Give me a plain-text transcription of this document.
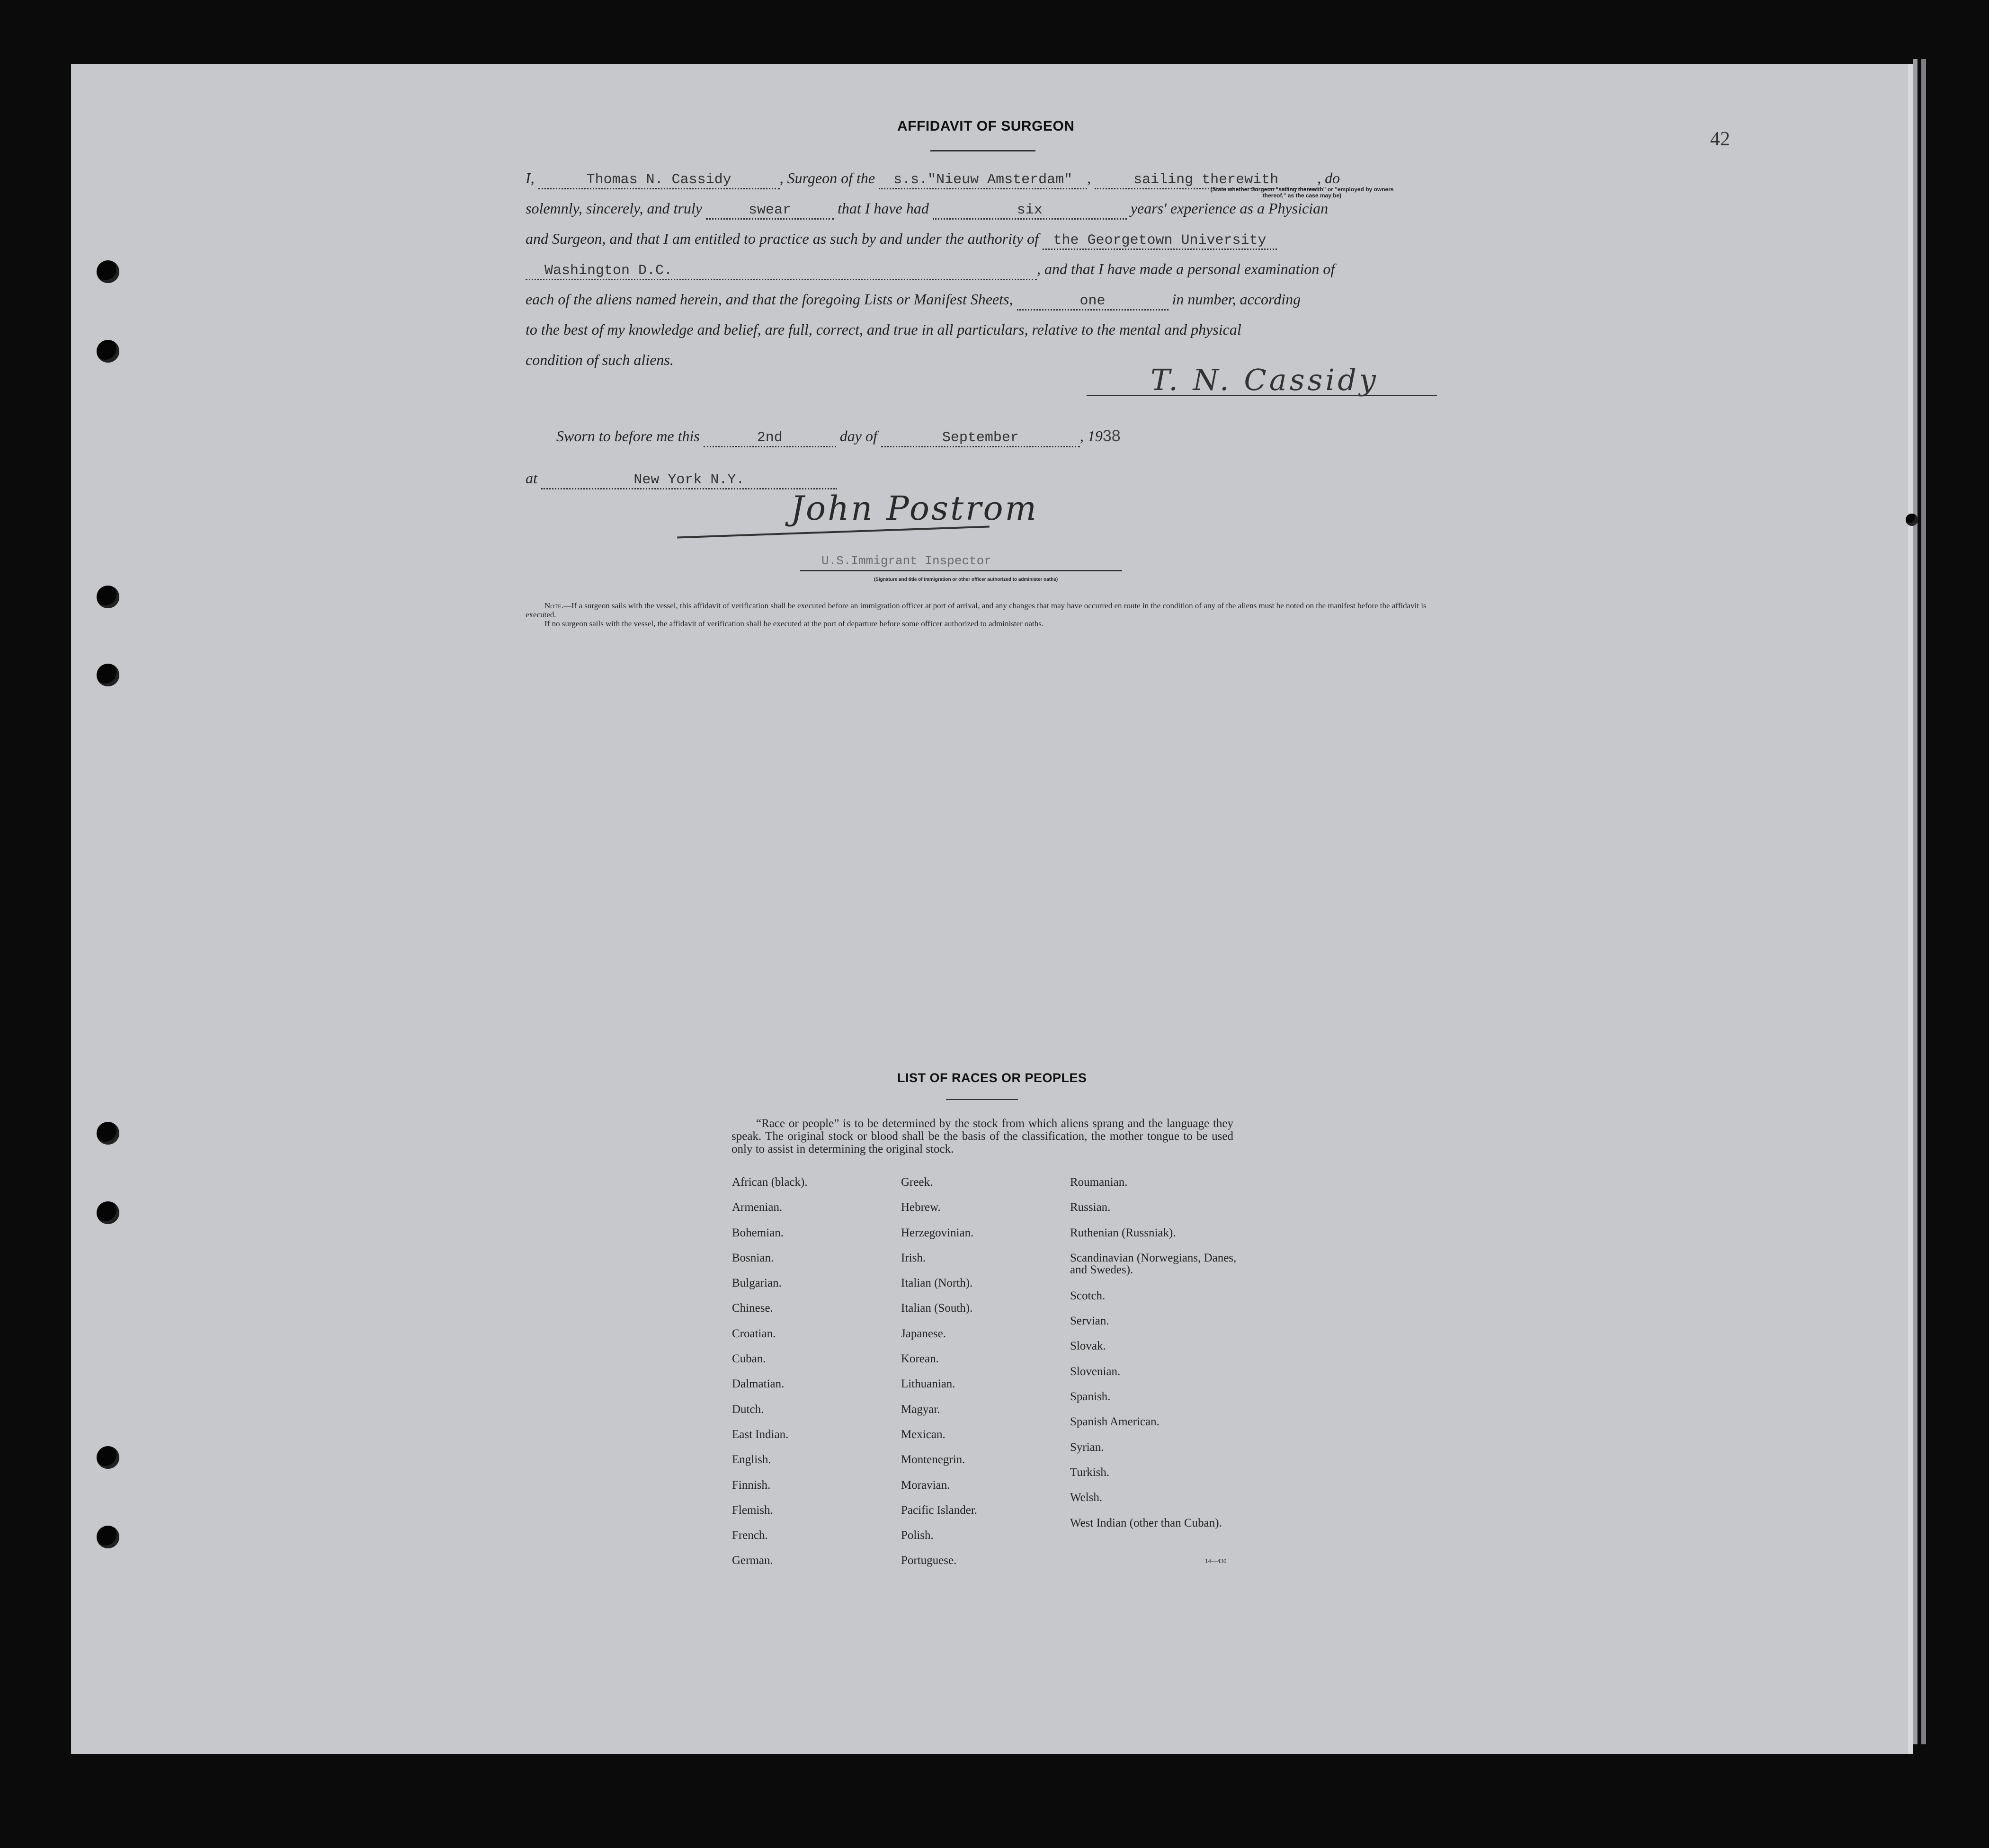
42
AFFIDAVIT OF SURGEON
I,	Thomas N. Cassidy	, Surgeon of the s.s."Nieuw Amsterdam" ,	sailing therewith	, do
(State whether Surgeon "sailing therewith" or "employed by owners thereof," as the case may be)
solemnly, sincerely, and truly	swear	that I have had	six	years' experience as a Physician
and Surgeon, and that I am entitled to practice as such by and under the authority of the Georgetown University
Washington D.C.	, and that I have made a personal examination of
each of the aliens named herein, and that the foregoing Lists or Manifest Sheets,	one	in number, according
to the best of my knowledge and belief, are full, correct, and true in all particulars, relative to the mental and physical
condition of such aliens.
T. N. Cassidy
Sworn to before me this	2nd	day of	September	, 1938
at	New York N.Y.
John Postrom
U.S.Immigrant Inspector
(Signature and title of immigration or other officer authorized to administer oaths)
Note.—If a surgeon sails with the vessel, this affidavit of verification shall be executed before an immigration officer at port of arrival, and any changes that may have occurred en route in the condition of any of the aliens must be noted on the manifest before the affidavit is executed.
If no surgeon sails with the vessel, the affidavit of verification shall be executed at the port of departure before some officer authorized to administer oaths.
LIST OF RACES OR PEOPLES
“Race or people” is to be determined by the stock from which aliens sprang and the language they speak. The original stock or blood shall be the basis of the classification, the mother tongue to be used only to assist in determining the original stock.
African (black).
Armenian.
Bohemian.
Bosnian.
Bulgarian.
Chinese.
Croatian.
Cuban.
Dalmatian.
Dutch.
East Indian.
English.
Finnish.
Flemish.
French.
German.
Greek.
Hebrew.
Herzegovinian.
Irish.
Italian (North).
Italian (South).
Japanese.
Korean.
Lithuanian.
Magyar.
Mexican.
Montenegrin.
Moravian.
Pacific Islander.
Polish.
Portuguese.
Roumanian.
Russian.
Ruthenian (Russniak).
Scandinavian (Norwegians, Danes, and Swedes).
Scotch.
Servian.
Slovak.
Slovenian.
Spanish.
Spanish American.
Syrian.
Turkish.
Welsh.
West Indian (other than Cuban).
14—430
